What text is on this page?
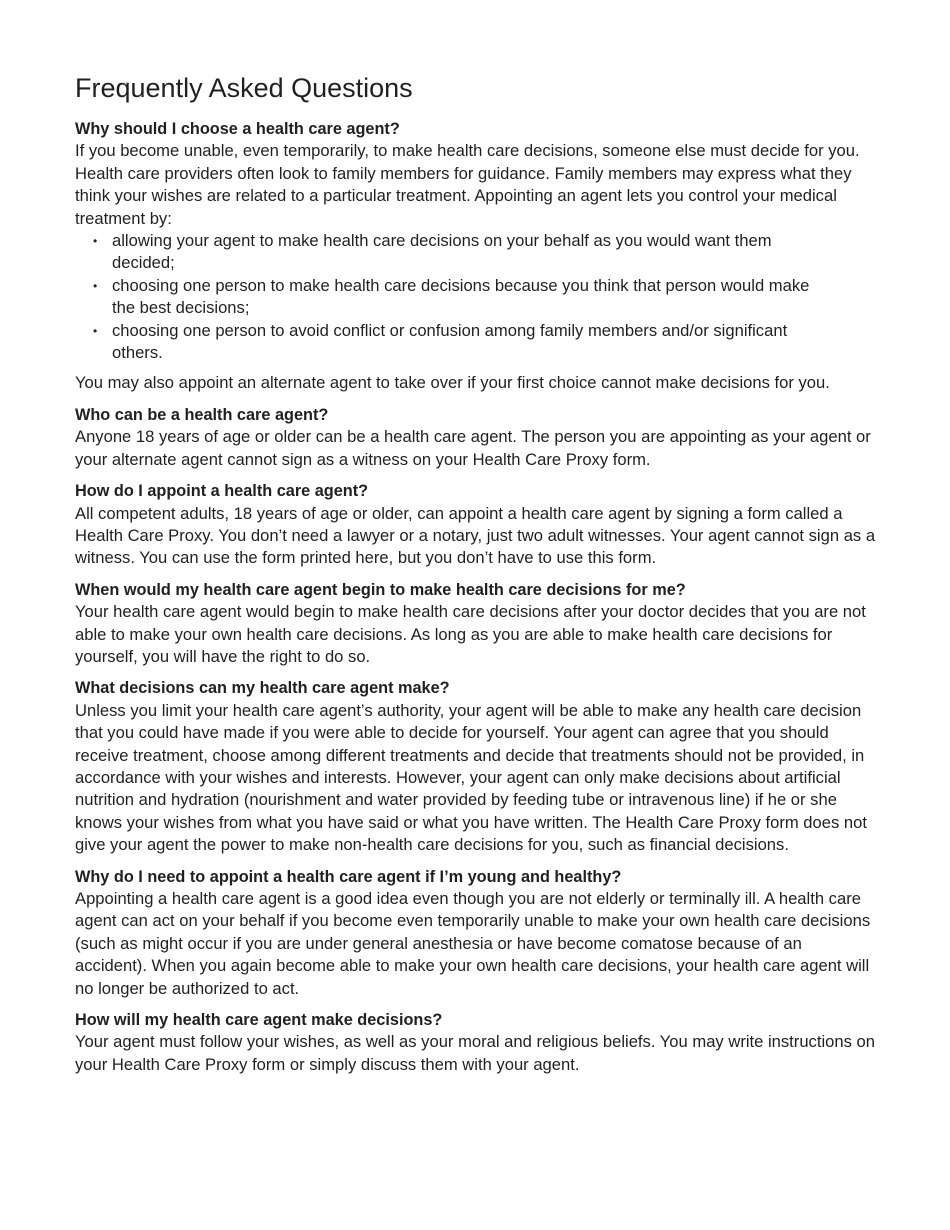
Frequently Asked Questions

Why should I choose a health care agent?

If you become unable, even temporarily, to make health care decisions, someone else must decide for you. Health care providers often look to family members for guidance. Family members may express what they think your wishes are related to a particular treatment. Appointing an agent lets you control your medical treatment by:

• allowing your agent to make health care decisions on your behalf as you would want them decided;
• choosing one person to make health care decisions because you think that person would make the best decisions;
• choosing one person to avoid conflict or confusion among family members and/or significant others.

You may also appoint an alternate agent to take over if your first choice cannot make decisions for you.

Who can be a health care agent?

Anyone 18 years of age or older can be a health care agent. The person you are appointing as your agent or your alternate agent cannot sign as a witness on your Health Care Proxy form.

How do I appoint a health care agent?

All competent adults, 18 years of age or older, can appoint a health care agent by signing a form called a Health Care Proxy. You don’t need a lawyer or a notary, just two adult witnesses. Your agent cannot sign as a witness. You can use the form printed here, but you don’t have to use this form.

When would my health care agent begin to make health care decisions for me?

Your health care agent would begin to make health care decisions after your doctor decides that you are not able to make your own health care decisions. As long as you are able to make health care decisions for yourself, you will have the right to do so.

What decisions can my health care agent make?

Unless you limit your health care agent’s authority, your agent will be able to make any health care decision that you could have made if you were able to decide for yourself. Your agent can agree that you should receive treatment, choose among different treatments and decide that treatments should not be provided, in accordance with your wishes and interests. However, your agent can only make decisions about artificial nutrition and hydration (nourishment and water provided by feeding tube or intravenous line) if he or she knows your wishes from what you have said or what you have written. The Health Care Proxy form does not give your agent the power to make non-health care decisions for you, such as financial decisions.

Why do I need to appoint a health care agent if I’m young and healthy?

Appointing a health care agent is a good idea even though you are not elderly or terminally ill. A health care agent can act on your behalf if you become even temporarily unable to make your own health care decisions (such as might occur if you are under general anesthesia or have become comatose because of an accident). When you again become able to make your own health care decisions, your health care agent will no longer be authorized to act.

How will my health care agent make decisions?

Your agent must follow your wishes, as well as your moral and religious beliefs. You may write instructions on your Health Care Proxy form or simply discuss them with your agent.
